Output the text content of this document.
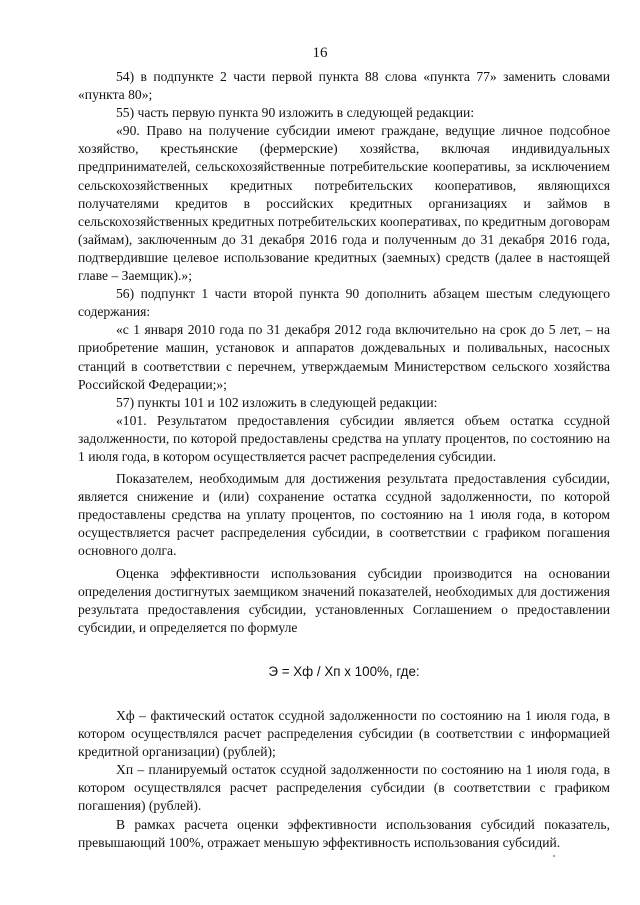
16

54) в подпункте 2 части первой пункта 88 слова «пункта 77» заменить словами «пункта 80»;

55) часть первую пункта 90 изложить в следующей редакции:

«90. Право на получение субсидии имеют граждане, ведущие личное подсобное хозяйство, крестьянские (фермерские) хозяйства, включая индивидуальных предпринимателей, сельскохозяйственные потребительские кооперативы, за исключением сельскохозяйственных кредитных потребительских кооперативов, являющихся получателями кредитов в российских кредитных организациях и займов в сельскохозяйственных кредитных потребительских кооперативах, по кредитным договорам (займам), заключенным до 31 декабря 2016 года и полученным до 31 декабря 2016 года, подтвердившие целевое использование кредитных (заемных) средств (далее в настоящей главе – Заемщик).»;

56) подпункт 1 части второй пункта 90 дополнить абзацем шестым следующего содержания:

«с 1 января 2010 года по 31 декабря 2012 года включительно на срок до 5 лет, – на приобретение машин, установок и аппаратов дождевальных и поливальных, насосных станций в соответствии с перечнем, утверждаемым Министерством сельского хозяйства Российской Федерации;»;

57) пункты 101 и 102 изложить в следующей редакции:

«101. Результатом предоставления субсидии является объем остатка ссудной задолженности, по которой предоставлены средства на уплату процентов, по состоянию на 1 июля года, в котором осуществляется расчет распределения субсидии.

Показателем, необходимым для достижения результата предоставления субсидии, является снижение и (или) сохранение остатка ссудной задолженности, по которой предоставлены средства на уплату процентов, по состоянию на 1 июля года, в котором осуществляется расчет распределения субсидии, в соответствии с графиком погашения основного долга.

Оценка эффективности использования субсидии производится на основании определения достигнутых заемщиком значений показателей, необходимых для достижения результата предоставления субсидии, установленных Соглашением о предоставлении субсидии, и определяется по формуле

Э = Хф / Хп х 100%, где:

Хф – фактический остаток ссудной задолженности по состоянию на 1 июля года, в котором осуществлялся расчет распределения субсидии (в соответствии с информацией кредитной организации) (рублей);

Хп – планируемый остаток ссудной задолженности по состоянию на 1 июля года, в котором осуществлялся расчет распределения субсидии (в соответствии с графиком погашения) (рублей).

В рамках расчета оценки эффективности использования субсидий показатель, превышающий 100%, отражает меньшую эффективность использования субсидий.
